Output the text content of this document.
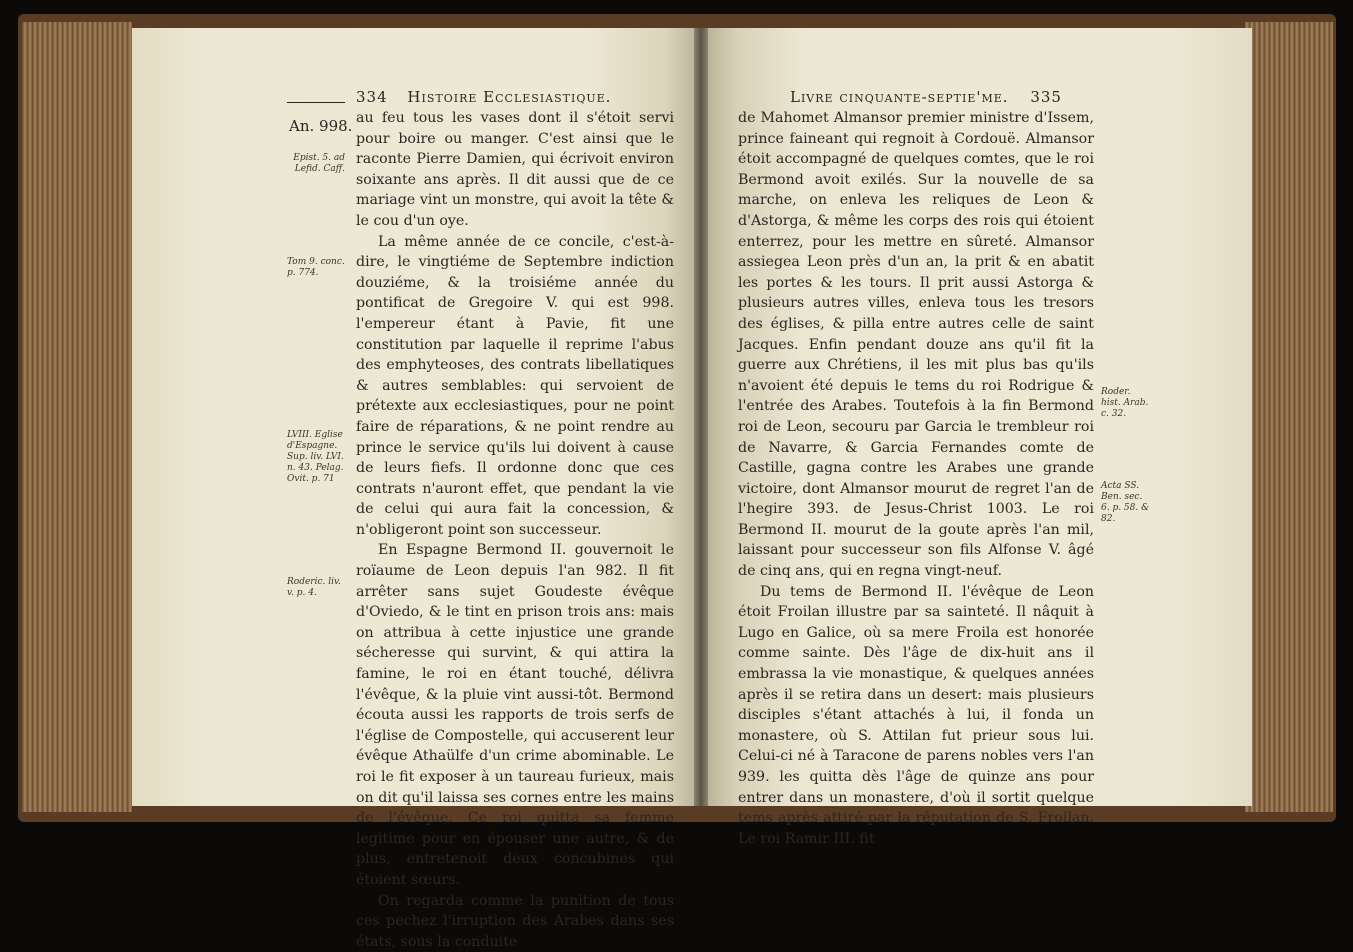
334 Histoire Ecclesiastique.
An. 998.
Epist. 5. ad Lefid. Caff.
Tom 9. conc. p. 774.
LVIII. Eglise d'Espagne. Sup. liv. LVI. n. 43. Pelag. Ovit. p. 71
Roderic. liv. v. p. 4.

au feu tous les vases dont il s'étoit servi pour boire ou manger. C'est ainsi que le raconte Pierre Damien, qui écrivoit environ soixante ans après. Il dit aussi que de ce mariage vint un monstre, qui avoit la tête & le cou d'un oye.

La même année de ce concile, c'est-à-dire, le vingtiéme de Septembre indiction douziéme, & la troisiéme année du pontificat de Gregoire V. qui est 998. l'empereur étant à Pavie, fit une constitution par laquelle il reprime l'abus des emphyteoses, des contrats libellatiques & autres semblables: qui servoient de prétexte aux ecclesiastiques, pour ne point faire de réparations, & ne point rendre au prince le service qu'ils lui doivent à cause de leurs fiefs. Il ordonne donc que ces contrats n'auront effet, que pendant la vie de celui qui aura fait la concession, & n'obligeront point son successeur.

En Espagne Bermond II. gouvernoit le roïaume de Leon depuis l'an 982. Il fit arrêter sans sujet Goudeste évêque d'Oviedo, & le tint en prison trois ans: mais on attribua à cette injustice une grande sécheresse qui survint, & qui attira la famine, le roi en étant touché, délivra l'évêque, & la pluie vint aussi-tôt. Bermond écouta aussi les rapports de trois serfs de l'église de Compostelle, qui accuserent leur évêque Athaülfe d'un crime abominable. Le roi le fit exposer à un taureau furieux, mais on dit qu'il laissa ses cornes entre les mains de l'évêque. Ce roi quitta sa femme legitime pour en épouser une autre, & de plus, entretenoit deux concubines qui étoient sœurs.

On regarda comme la punition de tous ces pechez l'irruption des Arabes dans ses états, sous la conduite

Livre cinquante-septie'me. 335
Roder. hist. Arab. c. 32.
Acta SS. Ben. sec. 6. p. 58. & 82.

de Mahomet Almansor premier ministre d'Issem, prince faineant qui regnoit à Cordouë. Almansor étoit accompagné de quelques comtes, que le roi Bermond avoit exilés. Sur la nouvelle de sa marche, on enleva les reliques de Leon & d'Astorga, & même les corps des rois qui étoient enterrez, pour les mettre en sûreté. Almansor assiegea Leon près d'un an, la prit & en abatit les portes & les tours. Il prit aussi Astorga & plusieurs autres villes, enleva tous les tresors des églises, & pilla entre autres celle de saint Jacques. Enfin pendant douze ans qu'il fit la guerre aux Chrétiens, il les mit plus bas qu'ils n'avoient été depuis le tems du roi Rodrigue & l'entrée des Arabes. Toutefois à la fin Bermond roi de Leon, secouru par Garcia le trembleur roi de Navarre, & Garcia Fernandes comte de Castille, gagna contre les Arabes une grande victoire, dont Almansor mourut de regret l'an de l'hegire 393. de Jesus-Christ 1003. Le roi Bermond II. mourut de la goute après l'an mil, laissant pour successeur son fils Alfonse V. âgé de cinq ans, qui en regna vingt-neuf.

Du tems de Bermond II. l'évêque de Leon étoit Froilan illustre par sa sainteté. Il nâquit à Lugo en Galice, où sa mere Froila est honorée comme sainte. Dès l'âge de dix-huit ans il embrassa la vie monastique, & quelques années après il se retira dans un desert: mais plusieurs disciples s'étant attachés à lui, il fonda un monastere, où S. Attilan fut prieur sous lui. Celui-ci né à Taracone de parens nobles vers l'an 939. les quitta dès l'âge de quinze ans pour entrer dans un monastere, d'où il sortit quelque tems après attiré par la réputation de S. Froilan. Le roi Ramir III. fit
